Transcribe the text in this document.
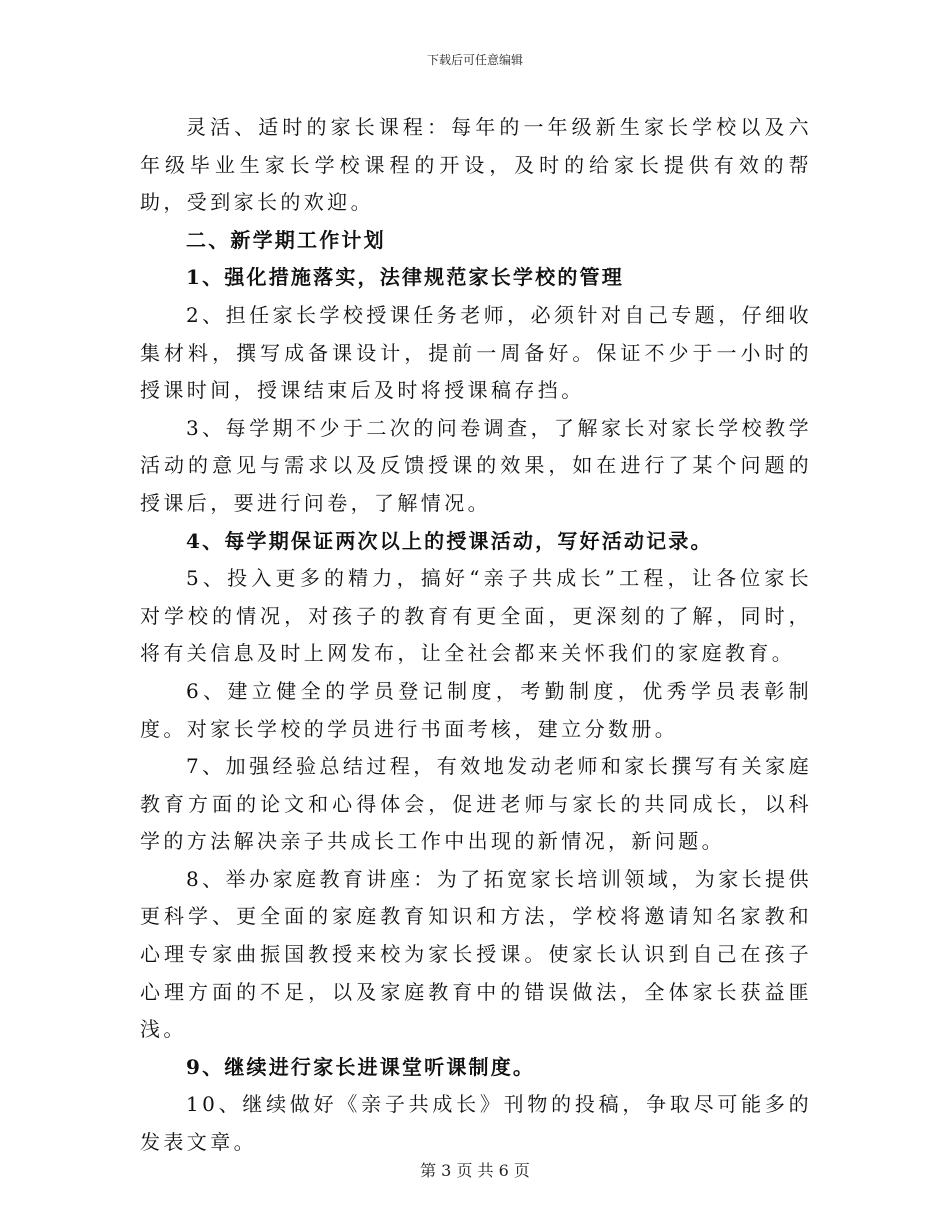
下载后可任意编辑

灵活、适时的家长课程：每年的一年级新生家长学校以及六年级毕业生家长学校课程的开设，及时的给家长提供有效的帮助，受到家长的欢迎。

二、新学期工作计划

1、强化措施落实，法律规范家长学校的管理

2、担任家长学校授课任务老师，必须针对自己专题，仔细收集材料，撰写成备课设计，提前一周备好。保证不少于一小时的授课时间，授课结束后及时将授课稿存挡。

3、每学期不少于二次的问卷调查，了解家长对家长学校教学活动的意见与需求以及反馈授课的效果，如在进行了某个问题的授课后，要进行问卷，了解情况。

4、每学期保证两次以上的授课活动，写好活动记录。

5、投入更多的精力，搞好“亲子共成长”工程，让各位家长对学校的情况，对孩子的教育有更全面，更深刻的了解，同时，将有关信息及时上网发布，让全社会都来关怀我们的家庭教育。

6、建立健全的学员登记制度，考勤制度，优秀学员表彰制度。对家长学校的学员进行书面考核，建立分数册。

7、加强经验总结过程，有效地发动老师和家长撰写有关家庭教育方面的论文和心得体会，促进老师与家长的共同成长，以科学的方法解决亲子共成长工作中出现的新情况，新问题。

8、举办家庭教育讲座：为了拓宽家长培训领域，为家长提供更科学、更全面的家庭教育知识和方法，学校将邀请知名家教和心理专家曲振国教授来校为家长授课。使家长认识到自己在孩子心理方面的不足，以及家庭教育中的错误做法，全体家长获益匪浅。

9、继续进行家长进课堂听课制度。

10、继续做好《亲子共成长》刊物的投稿，争取尽可能多的发表文章。

第 3 页 共 6 页
